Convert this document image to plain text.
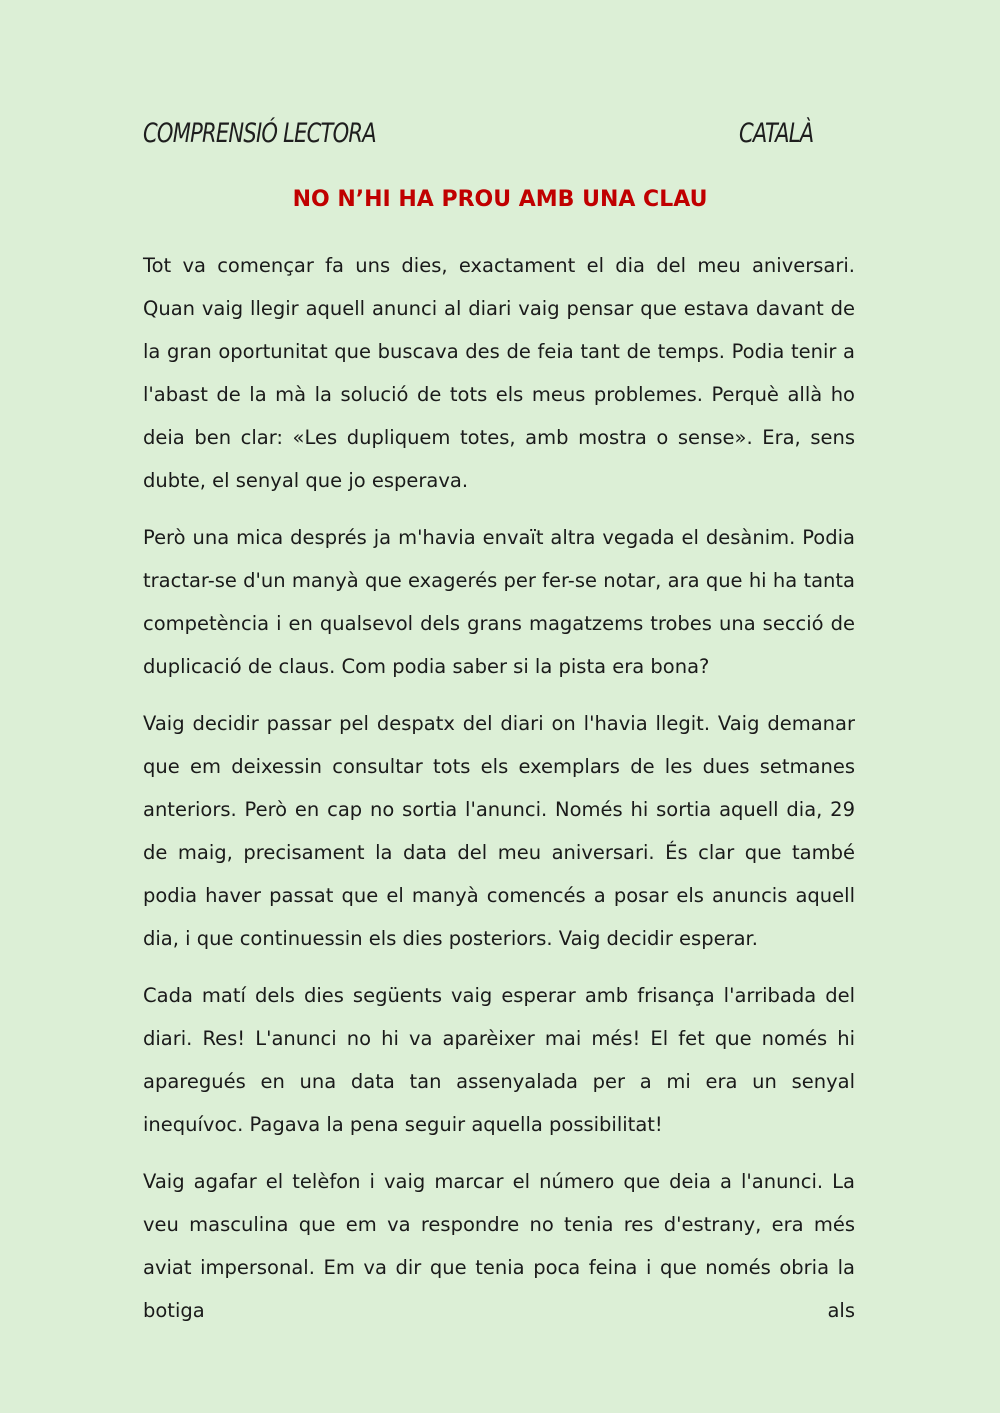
COMPRENSIÓ LECTORA	CATALÀ
NO N’HI HA PROU AMB UNA CLAU

Tot va començar fa uns dies, exactament el dia del meu aniversari. Quan vaig llegir aquell anunci al diari vaig pensar que estava davant de la gran oportunitat que buscava des de feia tant de temps. Podia tenir a l'abast de la mà la solució de tots els meus problemes. Perquè allà ho deia ben clar: «Les dupliquem totes, amb mostra o sense». Era, sens dubte, el senyal que jo esperava.

Però una mica després ja m'havia envaït altra vegada el desànim. Podia tractar-se d'un manyà que exagerés per fer-se notar, ara que hi ha tanta competència i en qualsevol dels grans magatzems trobes una secció de duplicació de claus. Com podia saber si la pista era bona?

Vaig decidir passar pel despatx del diari on l'havia llegit. Vaig demanar que em deixessin consultar tots els exemplars de les dues setmanes anteriors. Però en cap no sortia l'anunci. Només hi sortia aquell dia, 29 de maig, precisament la data del meu aniversari. És clar que també podia haver passat que el manyà comencés a posar els anuncis aquell dia, i que continuessin els dies posteriors. Vaig decidir esperar.

Cada matí dels dies següents vaig esperar amb frisança l'arribada del diari. Res! L'anunci no hi va aparèixer mai més! El fet que només hi aparegués en una data tan assenyalada per a mi era un senyal inequívoc. Pagava la pena seguir aquella possibilitat!

Vaig agafar el telèfon i vaig marcar el número que deia a l'anunci. La veu masculina que em va respondre no tenia res d'estrany, era més aviat impersonal. Em va dir que tenia poca feina i que només obria la botiga als
